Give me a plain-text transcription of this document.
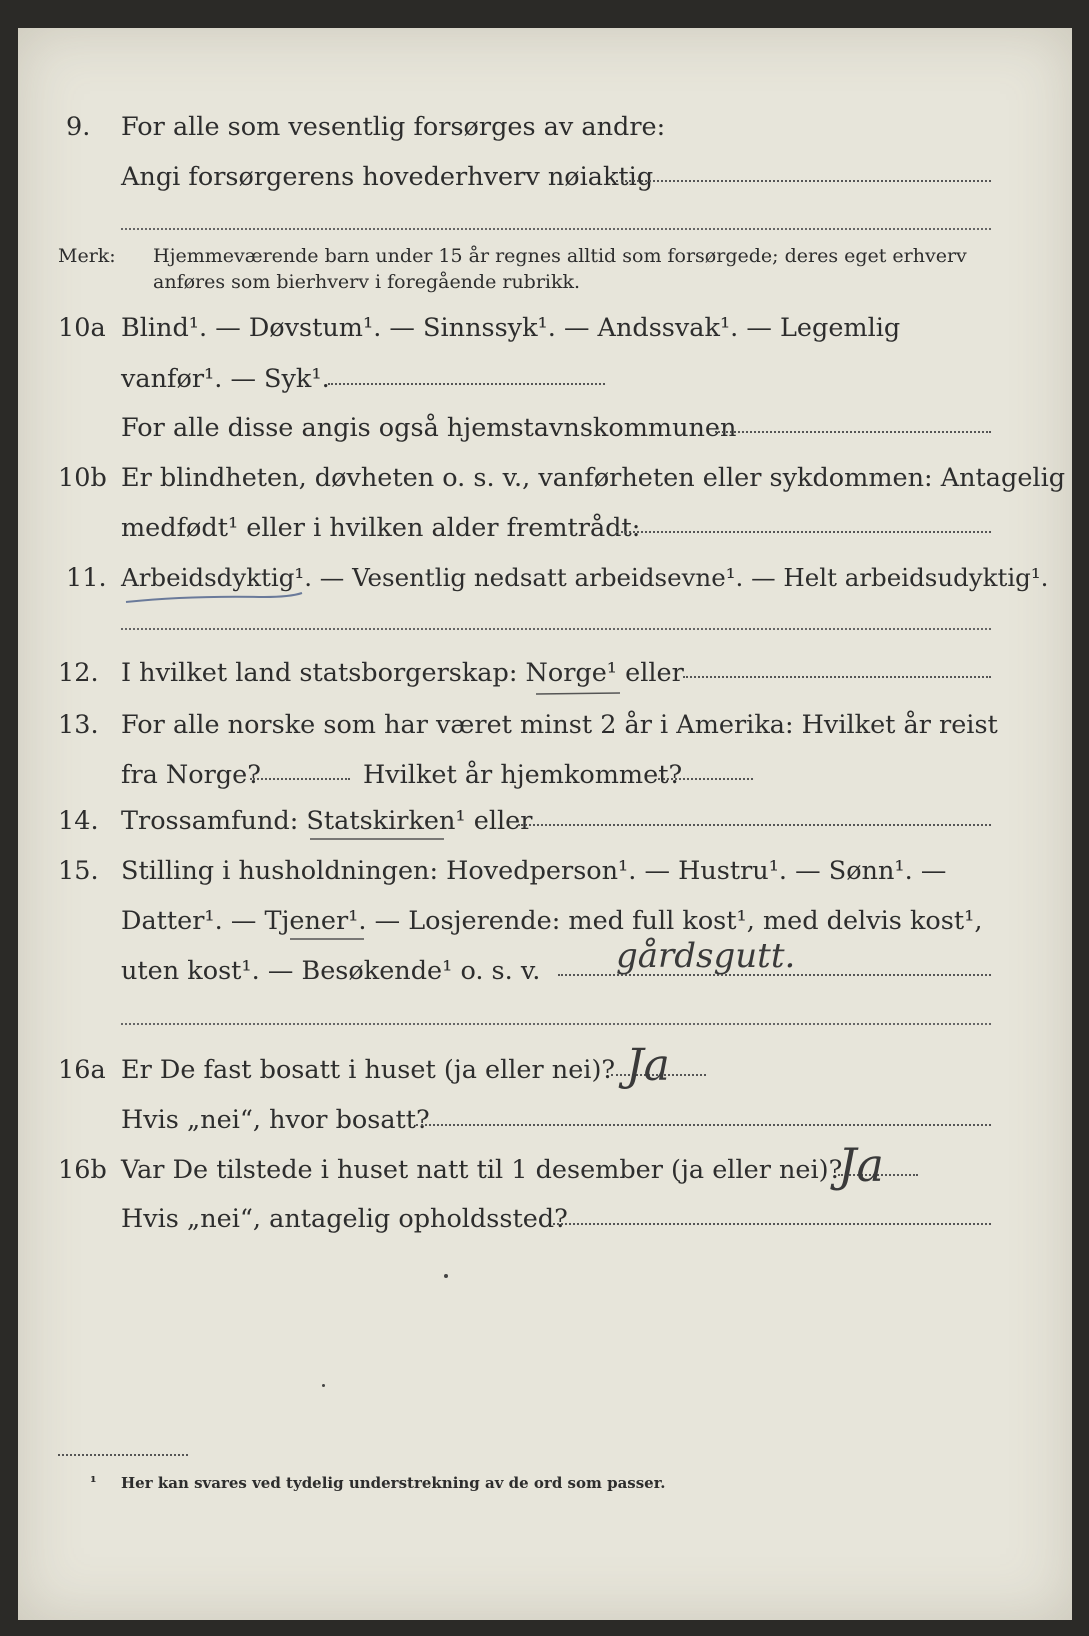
9. For alle som vesentlig forsørges av andre:
Angi forsørgerens hovederhverv nøiaktig
Merk: Hjemmeværende barn under 15 år regnes alltid som forsørgede; deres eget erhverv
anføres som bierhverv i foregående rubrikk.
10a Blind¹. — Døvstum¹. — Sinnssyk¹. — Andssvak¹. — Legemlig
vanfør¹. — Syk¹.
For alle disse angis også hjemstavnskommunen
10b Er blindheten, døvheten o. s. v., vanførheten eller sykdommen: Antagelig
medfødt¹ eller i hvilken alder fremtrådt:
11. Arbeidsdyktig¹. — Vesentlig nedsatt arbeidsevne¹. — Helt arbeidsudyktig¹.
12. I hvilket land statsborgerskap: Norge¹ eller
13. For alle norske som har været minst 2 år i Amerika: Hvilket år reist
fra Norge?	Hvilket år hjemkommet?
14. Trossamfund: Statskirken¹ eller
15. Stilling i husholdningen: Hovedperson¹. — Hustru¹. — Sønn¹. —
Datter¹. — Tjener¹. — Losjerende: med full kost¹, med delvis kost¹,
uten kost¹. — Besøkende¹ o. s. v. gårdsgutt.
16a Er De fast bosatt i huset (ja eller nei)? Ja
Hvis „nei“, hvor bosatt?
16b Var De tilstede i huset natt til 1 desember (ja eller nei)?
Ja
Hvis „nei“, antagelig opholdssted?
¹ Her kan svares ved tydelig understrekning av de ord som passer.
